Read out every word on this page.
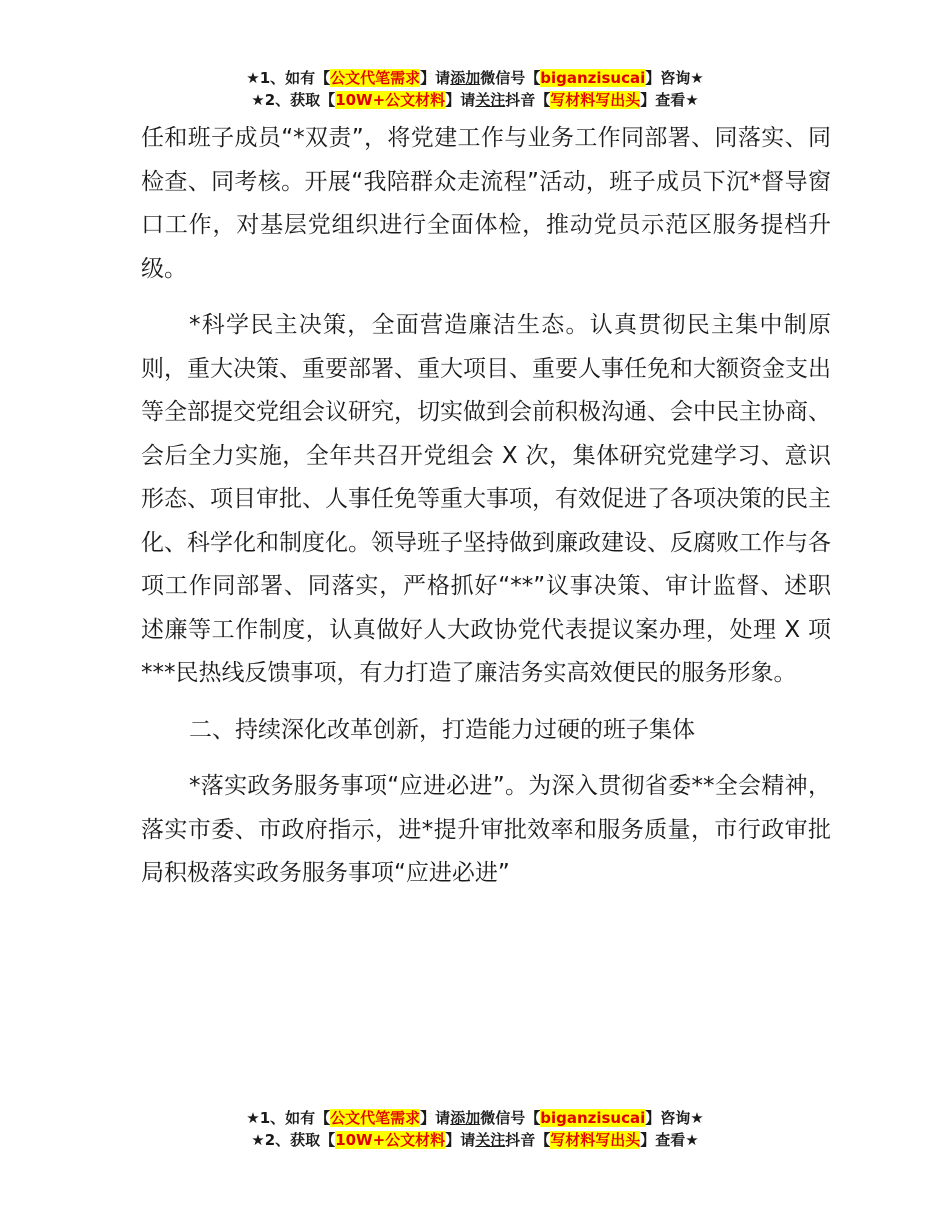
★1、如有【公文代笔需求】请添加微信号【biganzisucai】咨询★
★2、获取【10W+公文材料】请关注抖音【写材料写出头】查看★

任和班子成员“*双责”，将党建工作与业务工作同部署、同落实、同检查、同考核。开展“我陪群众走流程”活动，班子成员下沉*督导窗口工作，对基层党组织进行全面体检，推动党员示范区服务提档升级。

*科学民主决策，全面营造廉洁生态。认真贯彻民主集中制原则，重大决策、重要部署、重大项目、重要人事任免和大额资金支出等全部提交党组会议研究，切实做到会前积极沟通、会中民主协商、会后全力实施，全年共召开党组会 X 次，集体研究党建学习、意识形态、项目审批、人事任免等重大事项，有效促进了各项决策的民主化、科学化和制度化。领导班子坚持做到廉政建设、反腐败工作与各项工作同部署、同落实，严格抓好“**”议事决策、审计监督、述职述廉等工作制度，认真做好人大政协党代表提议案办理，处理 X 项***民热线反馈事项，有力打造了廉洁务实高效便民的服务形象。

二、持续深化改革创新，打造能力过硬的班子集体

*落实政务服务事项“应进必进”。为深入贯彻省委**全会精神，落实市委、市政府指示，进*提升审批效率和服务质量，市行政审批局积极落实政务服务事项“应进必进”

★1、如有【公文代笔需求】请添加微信号【biganzisucai】咨询★
★2、获取【10W+公文材料】请关注抖音【写材料写出头】查看★
